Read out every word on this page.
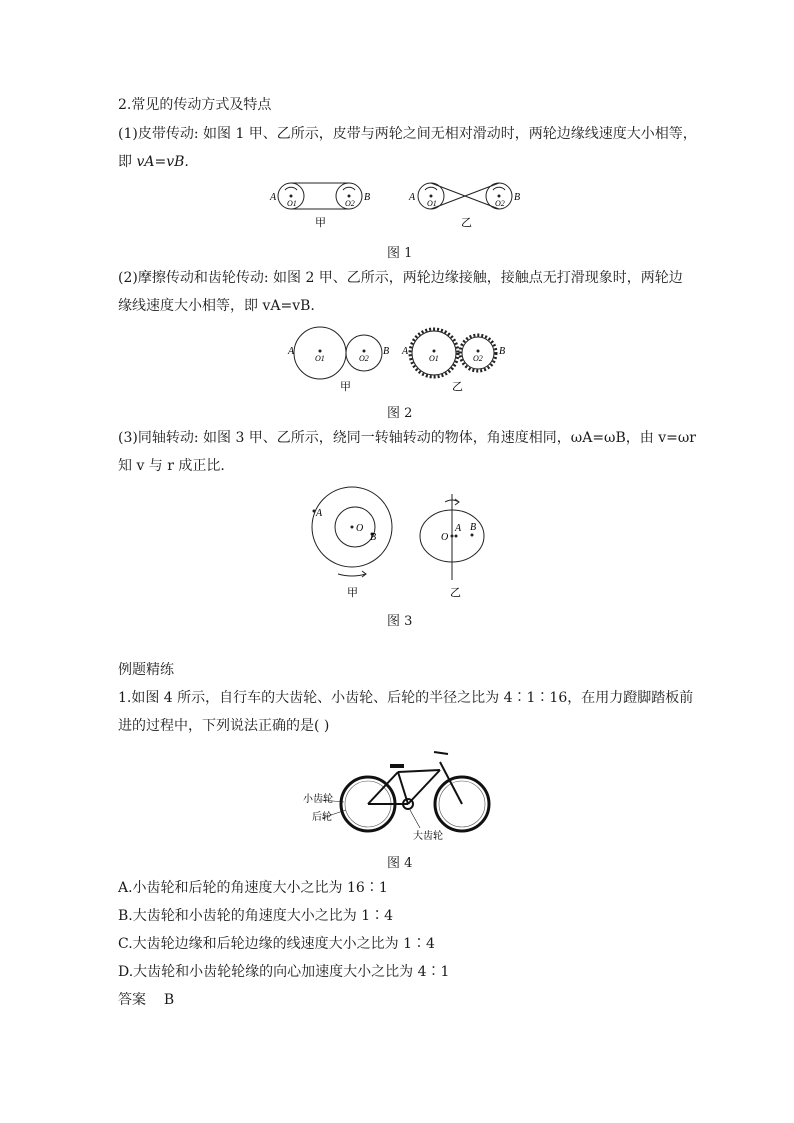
2.常见的传动方式及特点
(1)皮带传动: 如图 1 甲、乙所示，皮带与两轮之间无相对滑动时，两轮边缘线速度大小相等，
即 vA=vB.
A	B
O1	O2
A	B
O1	O2
甲	乙
图 1
(2)摩擦传动和齿轮传动: 如图 2 甲、乙所示，两轮边缘接触，接触点无打滑现象时，两轮边
缘线速度大小相等，即 vA=vB.
A	B
O1	O2
A	B
O1	O2
甲	乙
图 2
(3)同轴转动: 如图 3 甲、乙所示，绕同一转轴转动的物体，角速度相同，ωA=ωB，由 v=ωr
知 v 与 r 成正比.
A
O
B	O
A B
甲	乙
图 3
例题精练
1.如图 4 所示，自行车的大齿轮、小齿轮、后轮的半径之比为 4∶1∶16，在用力蹬脚踏板前
进的过程中，下列说法正确的是( )
小齿轮
后轮
大齿轮
图 4
A.小齿轮和后轮的角速度大小之比为 16∶1
B.大齿轮和小齿轮的角速度大小之比为 1∶4
C.大齿轮边缘和后轮边缘的线速度大小之比为 1∶4
D.大齿轮和小齿轮轮缘的向心加速度大小之比为 4∶1
答案 B
